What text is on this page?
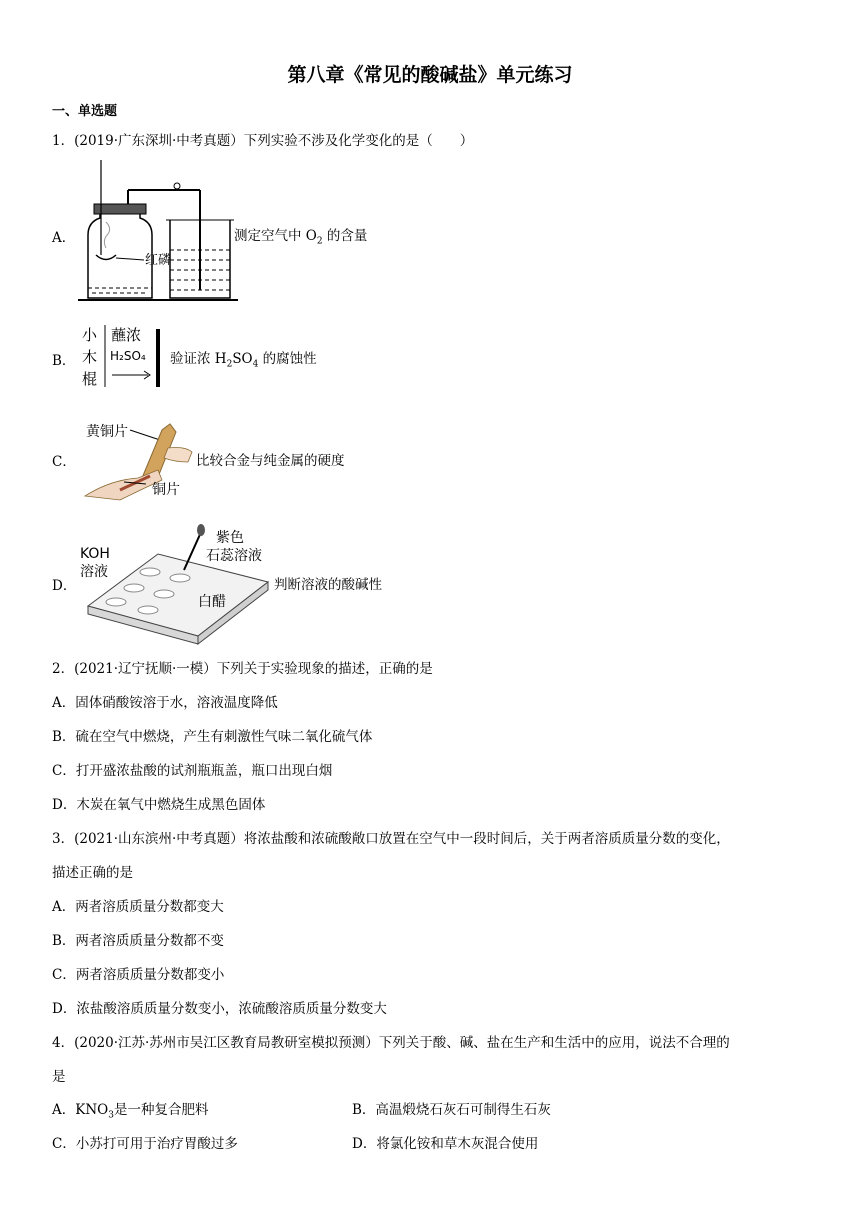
第八章《常见的酸碱盐》单元练习
一、单选题
1．(2019·广东深圳·中考真题）下列实验不涉及化学变化的是（　　）
A．
红磷
测定空气中 $O_2$ 的含量
B．
小
木
棍
蘸浓
H₂SO₄ 验证浓 $H_2SO_4$ 的腐蚀性
C．
黄铜片
铜片
比较合金与纯金属的硬度
D．
紫色
石蕊溶液
KOH
溶液
白醋
判断溶液的酸碱性
2．(2021·辽宁抚顺·一模）下列关于实验现象的描述，正确的是
A．固体硝酸铵溶于水，溶液温度降低
B．硫在空气中燃烧，产生有刺激性气味二氧化硫气体
C．打开盛浓盐酸的试剂瓶瓶盖，瓶口出现白烟
D．木炭在氧气中燃烧生成黑色固体
3．(2021·山东滨州·中考真题）将浓盐酸和浓硫酸敞口放置在空气中一段时间后，关于两者溶质质量分数的变化，
描述正确的是
A．两者溶质质量分数都变大
B．两者溶质质量分数都不变
C．两者溶质质量分数都变小
D．浓盐酸溶质质量分数变小，浓硫酸溶质质量分数变大
4．(2020·江苏·苏州市吴江区教育局教研室模拟预测）下列关于酸、碱、盐在生产和生活中的应用，说法不合理的
是
A．$KNO_3$是一种复合肥料	B．高温煅烧石灰石可制得生石灰
C．小苏打可用于治疗胃酸过多	D．将氯化铵和草木灰混合使用
